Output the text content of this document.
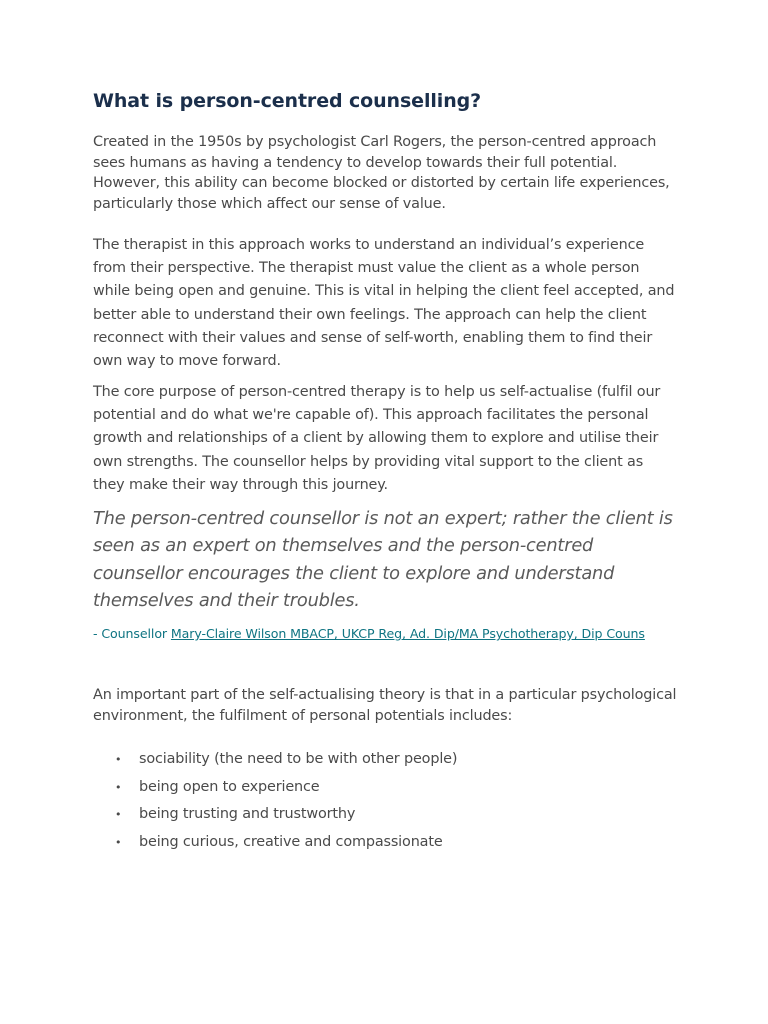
What is person-centred counselling?

Created in the 1950s by psychologist Carl Rogers, the person-centred approach sees humans as having a tendency to develop towards their full potential. However, this ability can become blocked or distorted by certain life experiences, particularly those which affect our sense of value.

The therapist in this approach works to understand an individual’s experience from their perspective. The therapist must value the client as a whole person while being open and genuine. This is vital in helping the client feel accepted, and better able to understand their own feelings. The approach can help the client reconnect with their values and sense of self-worth, enabling them to find their own way to move forward.

The core purpose of person-centred therapy is to help us self-actualise (fulfil our potential and do what we're capable of). This approach facilitates the personal growth and relationships of a client by allowing them to explore and utilise their own strengths. The counsellor helps by providing vital support to the client as they make their way through this journey.

The person-centred counsellor is not an expert; rather the client is seen as an expert on themselves and the person-centred counsellor encourages the client to explore and understand themselves and their troubles.

- Counsellor Mary-Claire Wilson MBACP, UKCP Reg, Ad. Dip/MA Psychotherapy, Dip Couns

An important part of the self-actualising theory is that in a particular psychological environment, the fulfilment of personal potentials includes:

• sociability (the need to be with other people)
• being open to experience
• being trusting and trustworthy
• being curious, creative and compassionate
